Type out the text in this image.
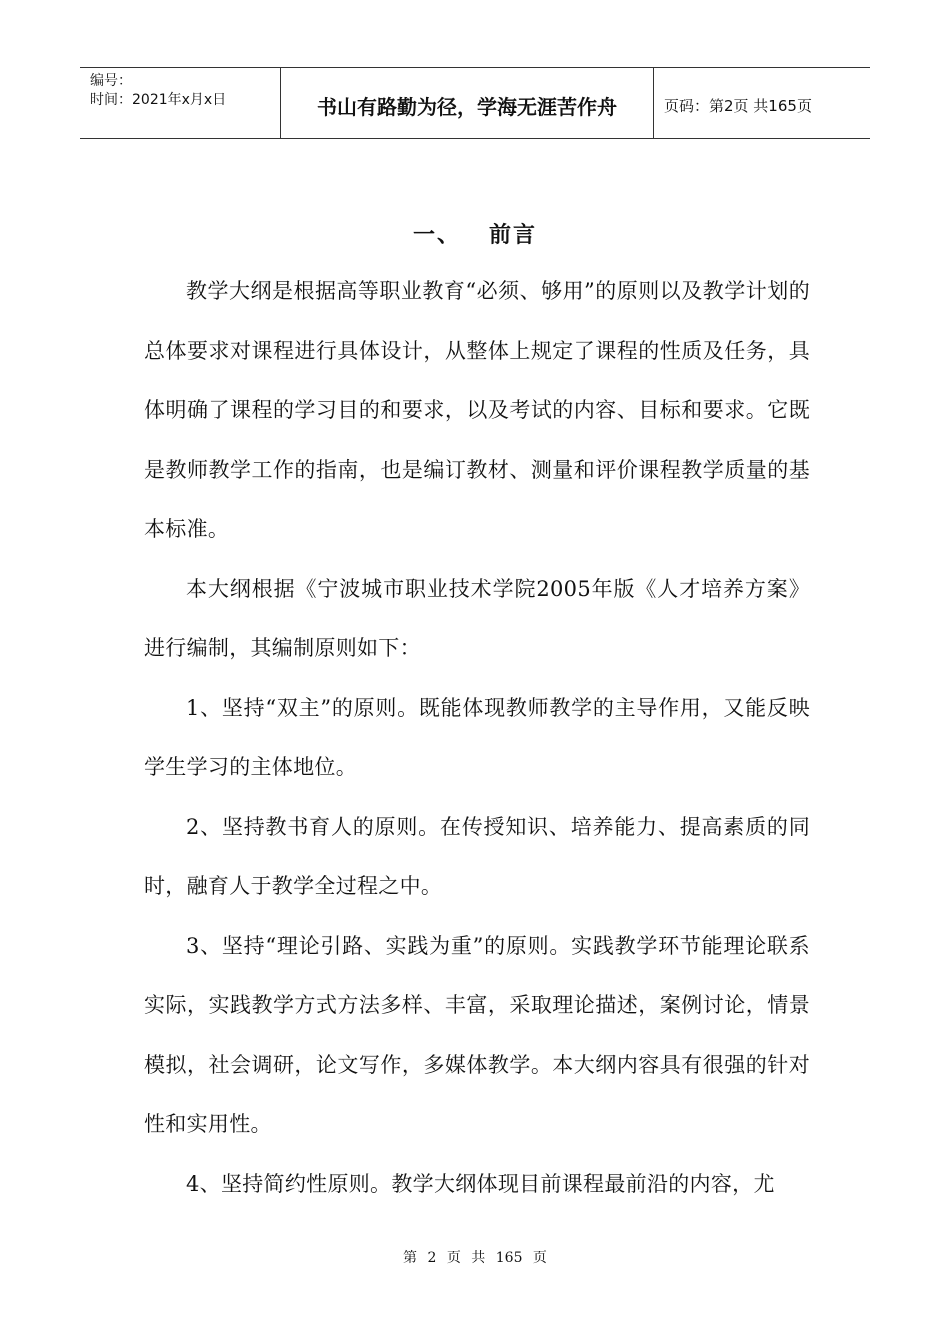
编号：
时间：2021年x月x日	书山有路勤为径，学海无涯苦作舟	页码：第2页 共165页
一、 前言

教学大纲是根据高等职业教育“必须、够用”的原则以及教学计划的总体要求对课程进行具体设计，从整体上规定了课程的性质及任务，具体明确了课程的学习目的和要求，以及考试的内容、目标和要求。它既是教师教学工作的指南，也是编订教材、测量和评价课程教学质量的基本标准。

本大纲根据《宁波城市职业技术学院2005年版《人才培养方案》进行编制，其编制原则如下：

1、坚持“双主”的原则。既能体现教师教学的主导作用，又能反映学生学习的主体地位。

2、坚持教书育人的原则。在传授知识、培养能力、提高素质的同时，融育人于教学全过程之中。

3、坚持“理论引路、实践为重”的原则。实践教学环节能理论联系实际，实践教学方式方法多样、丰富，采取理论描述，案例讨论，情景模拟，社会调研，论文写作，多媒体教学。本大纲内容具有很强的针对性和实用性。

4、坚持简约性原则。教学大纲体现目前课程最前沿的内容，尤

第 2 页 共 165 页
